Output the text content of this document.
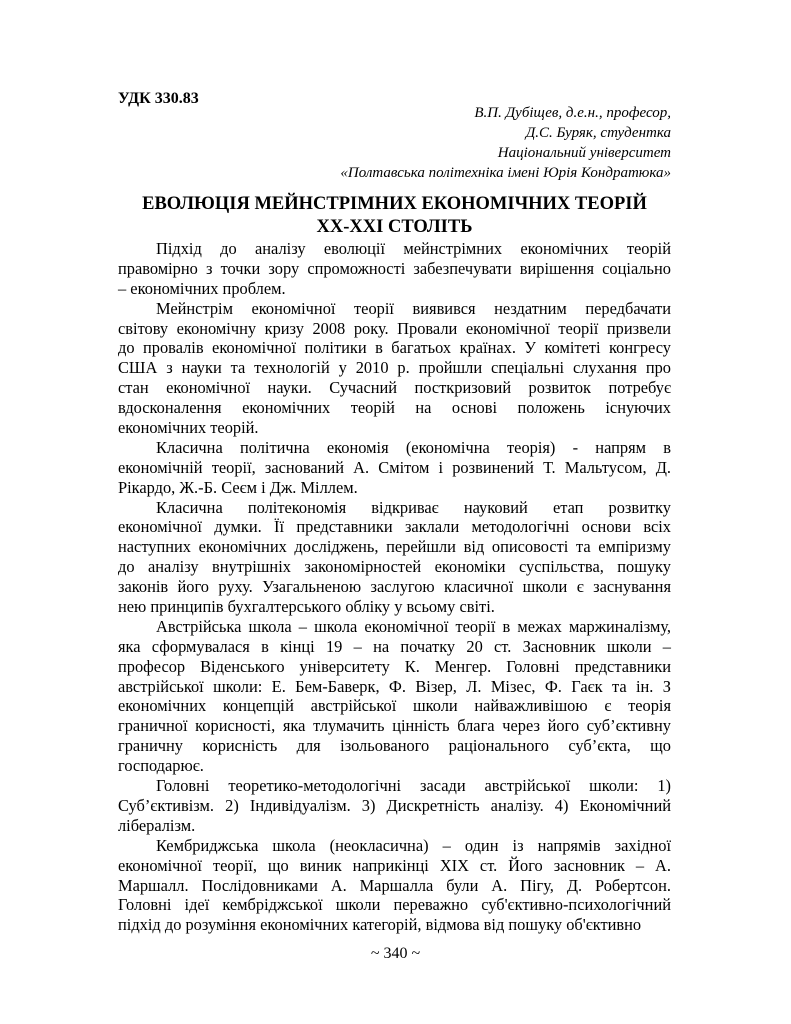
УДК 330.83
В.П. Дубіщев, д.е.н., професор,
Д.С. Буряк, студентка
Національний університет
«Полтавська політехніка імені Юрія Кондратюка»
ЕВОЛЮЦІЯ МЕЙНСТРІМНИХ ЕКОНОМІЧНИХ ТЕОРІЙ
XX-XXI СТОЛІТЬ
Підхід до аналізу еволюції мейнстрімних економічних теорій
правомірно з точки зору спроможності забезпечувати вирішення соціально
– економічних проблем.
Мейнстрім економічної теорії виявився нездатним передбачати
світову економічну кризу 2008 року. Провали економічної теорії призвели
до провалів економічної політики в багатьох країнах. У комітеті конгресу
США з науки та технологій у 2010 р. пройшли спеціальні слухання про
стан економічної науки. Сучасний посткризовий розвиток потребує
вдосконалення економічних теорій на основі положень існуючих
економічних теорій.
Класична політична економія (економічна теорія) - напрям в
економічній теорії, заснований А. Смітом і розвинений Т. Мальтусом, Д.
Рікардо, Ж.-Б. Сеєм і Дж. Міллем.
Класична політекономія відкриває науковий етап розвитку
економічної думки. Її представники заклали методологічні основи всіх
наступних економічних досліджень, перейшли від описовості та емпіризму
до аналізу внутрішніх закономірностей економіки суспільства, пошуку
законів його руху. Узагальненою заслугою класичної школи є заснування
нею принципів бухгалтерського обліку у всьому світі.
Австрійська школа – школа економічної теорії в межах маржиналізму,
яка сформувалася в кінці 19 – на початку 20 ст. Засновник школи –
професор Віденського університету К. Менгер. Головні представники
австрійської школи: Е. Бем-Баверк, Ф. Візер, Л. Мізес, Ф. Гаєк та ін. З
економічних концепцій австрійської школи найважливішою є теорія
граничної корисності, яка тлумачить цінність блага через його суб’єктивну
граничну корисність для ізольованого раціонального суб’єкта, що
господарює.
Головні теоретико-методологічні засади австрійської школи: 1)
Суб’єктивізм. 2) Індивідуалізм. 3) Дискретність аналізу. 4) Економічний
лібералізм.
Кембриджська школа (неокласична) – один із напрямів західної
економічної теорії, що виник наприкінці XIX ст. Його засновник – А.
Маршалл. Послідовниками А. Маршалла були А. Пігу, Д. Робертсон.
Головні ідеї кембріджської школи переважно суб'єктивно-психологічний
підхід до розуміння економічних категорій, відмова від пошуку об'єктивно
~ 340 ~
